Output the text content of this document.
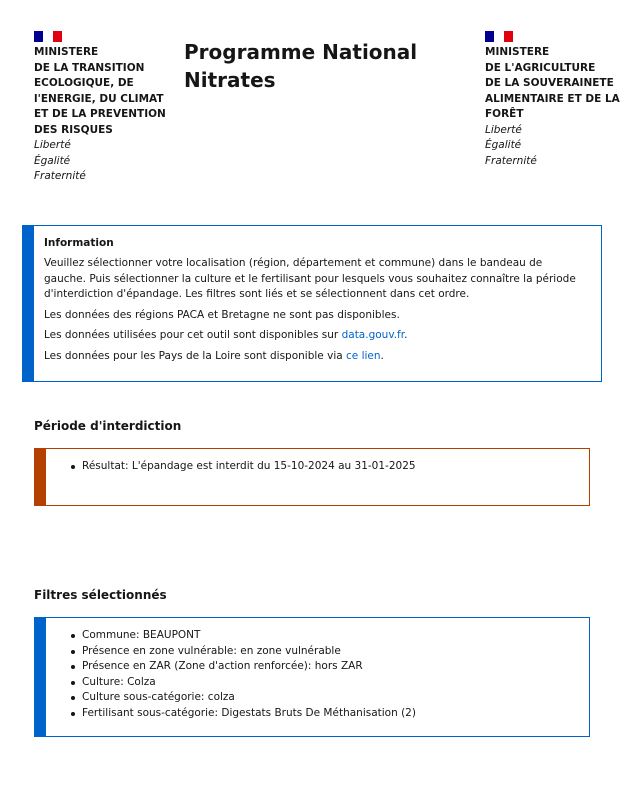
MINISTERE
DE LA TRANSITION
ECOLOGIQUE, DE
l'ENERGIE, DU CLIMAT
ET DE LA PREVENTION
DES RISQUES
Liberté
Égalité
Fraternité
Programme National
Nitrates
MINISTERE
DE L'AGRICULTURE
DE LA SOUVERAINETE
ALIMENTAIRE ET DE LA
FORÊT
Liberté
Égalité
Fraternité
Information

Veuillez sélectionner votre localisation (région, département et commune) dans le bandeau de gauche. Puis sélectionner la culture et le fertilisant pour lesquels vous souhaitez connaître la période d'interdiction d'épandage. Les filtres sont liés et se sélectionnent dans cet ordre.

Les données des régions PACA et Bretagne ne sont pas disponibles.

Les données utilisées pour cet outil sont disponibles sur data.gouv.fr.

Les données pour les Pays de la Loire sont disponible via ce lien.

Période d'interdiction
Résultat: L'épandage est interdit du 15-10-2024 au 31-01-2025
Filtres sélectionnés
Commune: BEAUPONT
Présence en zone vulnérable: en zone vulnérable
Présence en ZAR (Zone d'action renforcée): hors ZAR
Culture: Colza
Culture sous-catégorie: colza
Fertilisant sous-catégorie: Digestats Bruts De Méthanisation (2)
